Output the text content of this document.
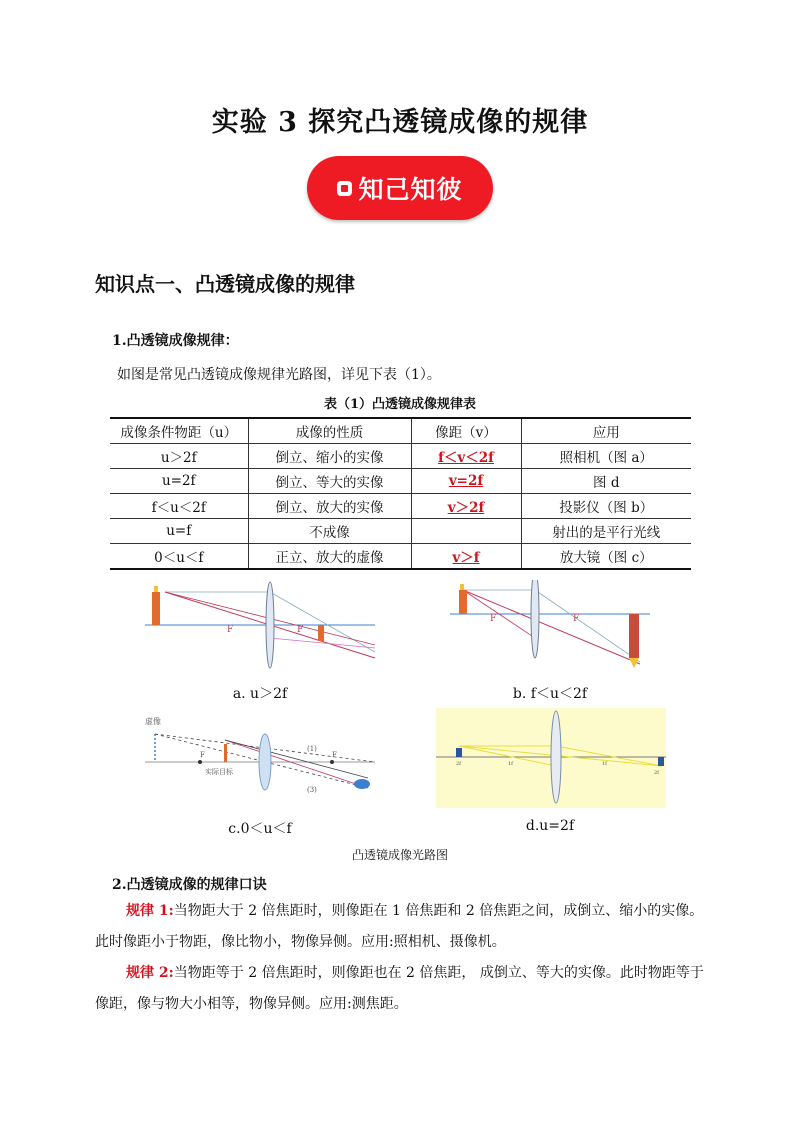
实验 3 探究凸透镜成像的规律
知己知彼
知识点一、凸透镜成像的规律
1.凸透镜成像规律：
如图是常见凸透镜成像规律光路图，详见下表（1）。
表（1）凸透镜成像规律表
成像条件物距（u）	成像的性质	像距（v）	应用
u＞2f	倒立、缩小的实像	f＜v＜2f	照相机（图 a）
u=2f	倒立、等大的实像	v=2f	图 d
f＜u＜2f	倒立、放大的实像	v＞2f	投影仪（图 b）
u=f	不成像		射出的是平行光线
0＜u＜f	正立、放大的虚像	v＞f	放大镜（图 c）
F	F
a. u＞2f
F	F
b. f＜u＜2f
虚像
实际目标
F	F
(1)
(3)
c.0＜u＜f
2f	1f	1f
2f
d.u=2f
凸透镜成像光路图
2.凸透镜成像的规律口诀
规律 1:当物距大于 2 倍焦距时，则像距在 1 倍焦距和 2 倍焦距之间，成倒立、缩小的实像。此时像距小于物距，像比物小，物像异侧。应用:照相机、摄像机。
规律 2:当物距等于 2 倍焦距时，则像距也在 2 倍焦距， 成倒立、等大的实像。此时物距等于像距，像与物大小相等，物像异侧。应用:测焦距。
